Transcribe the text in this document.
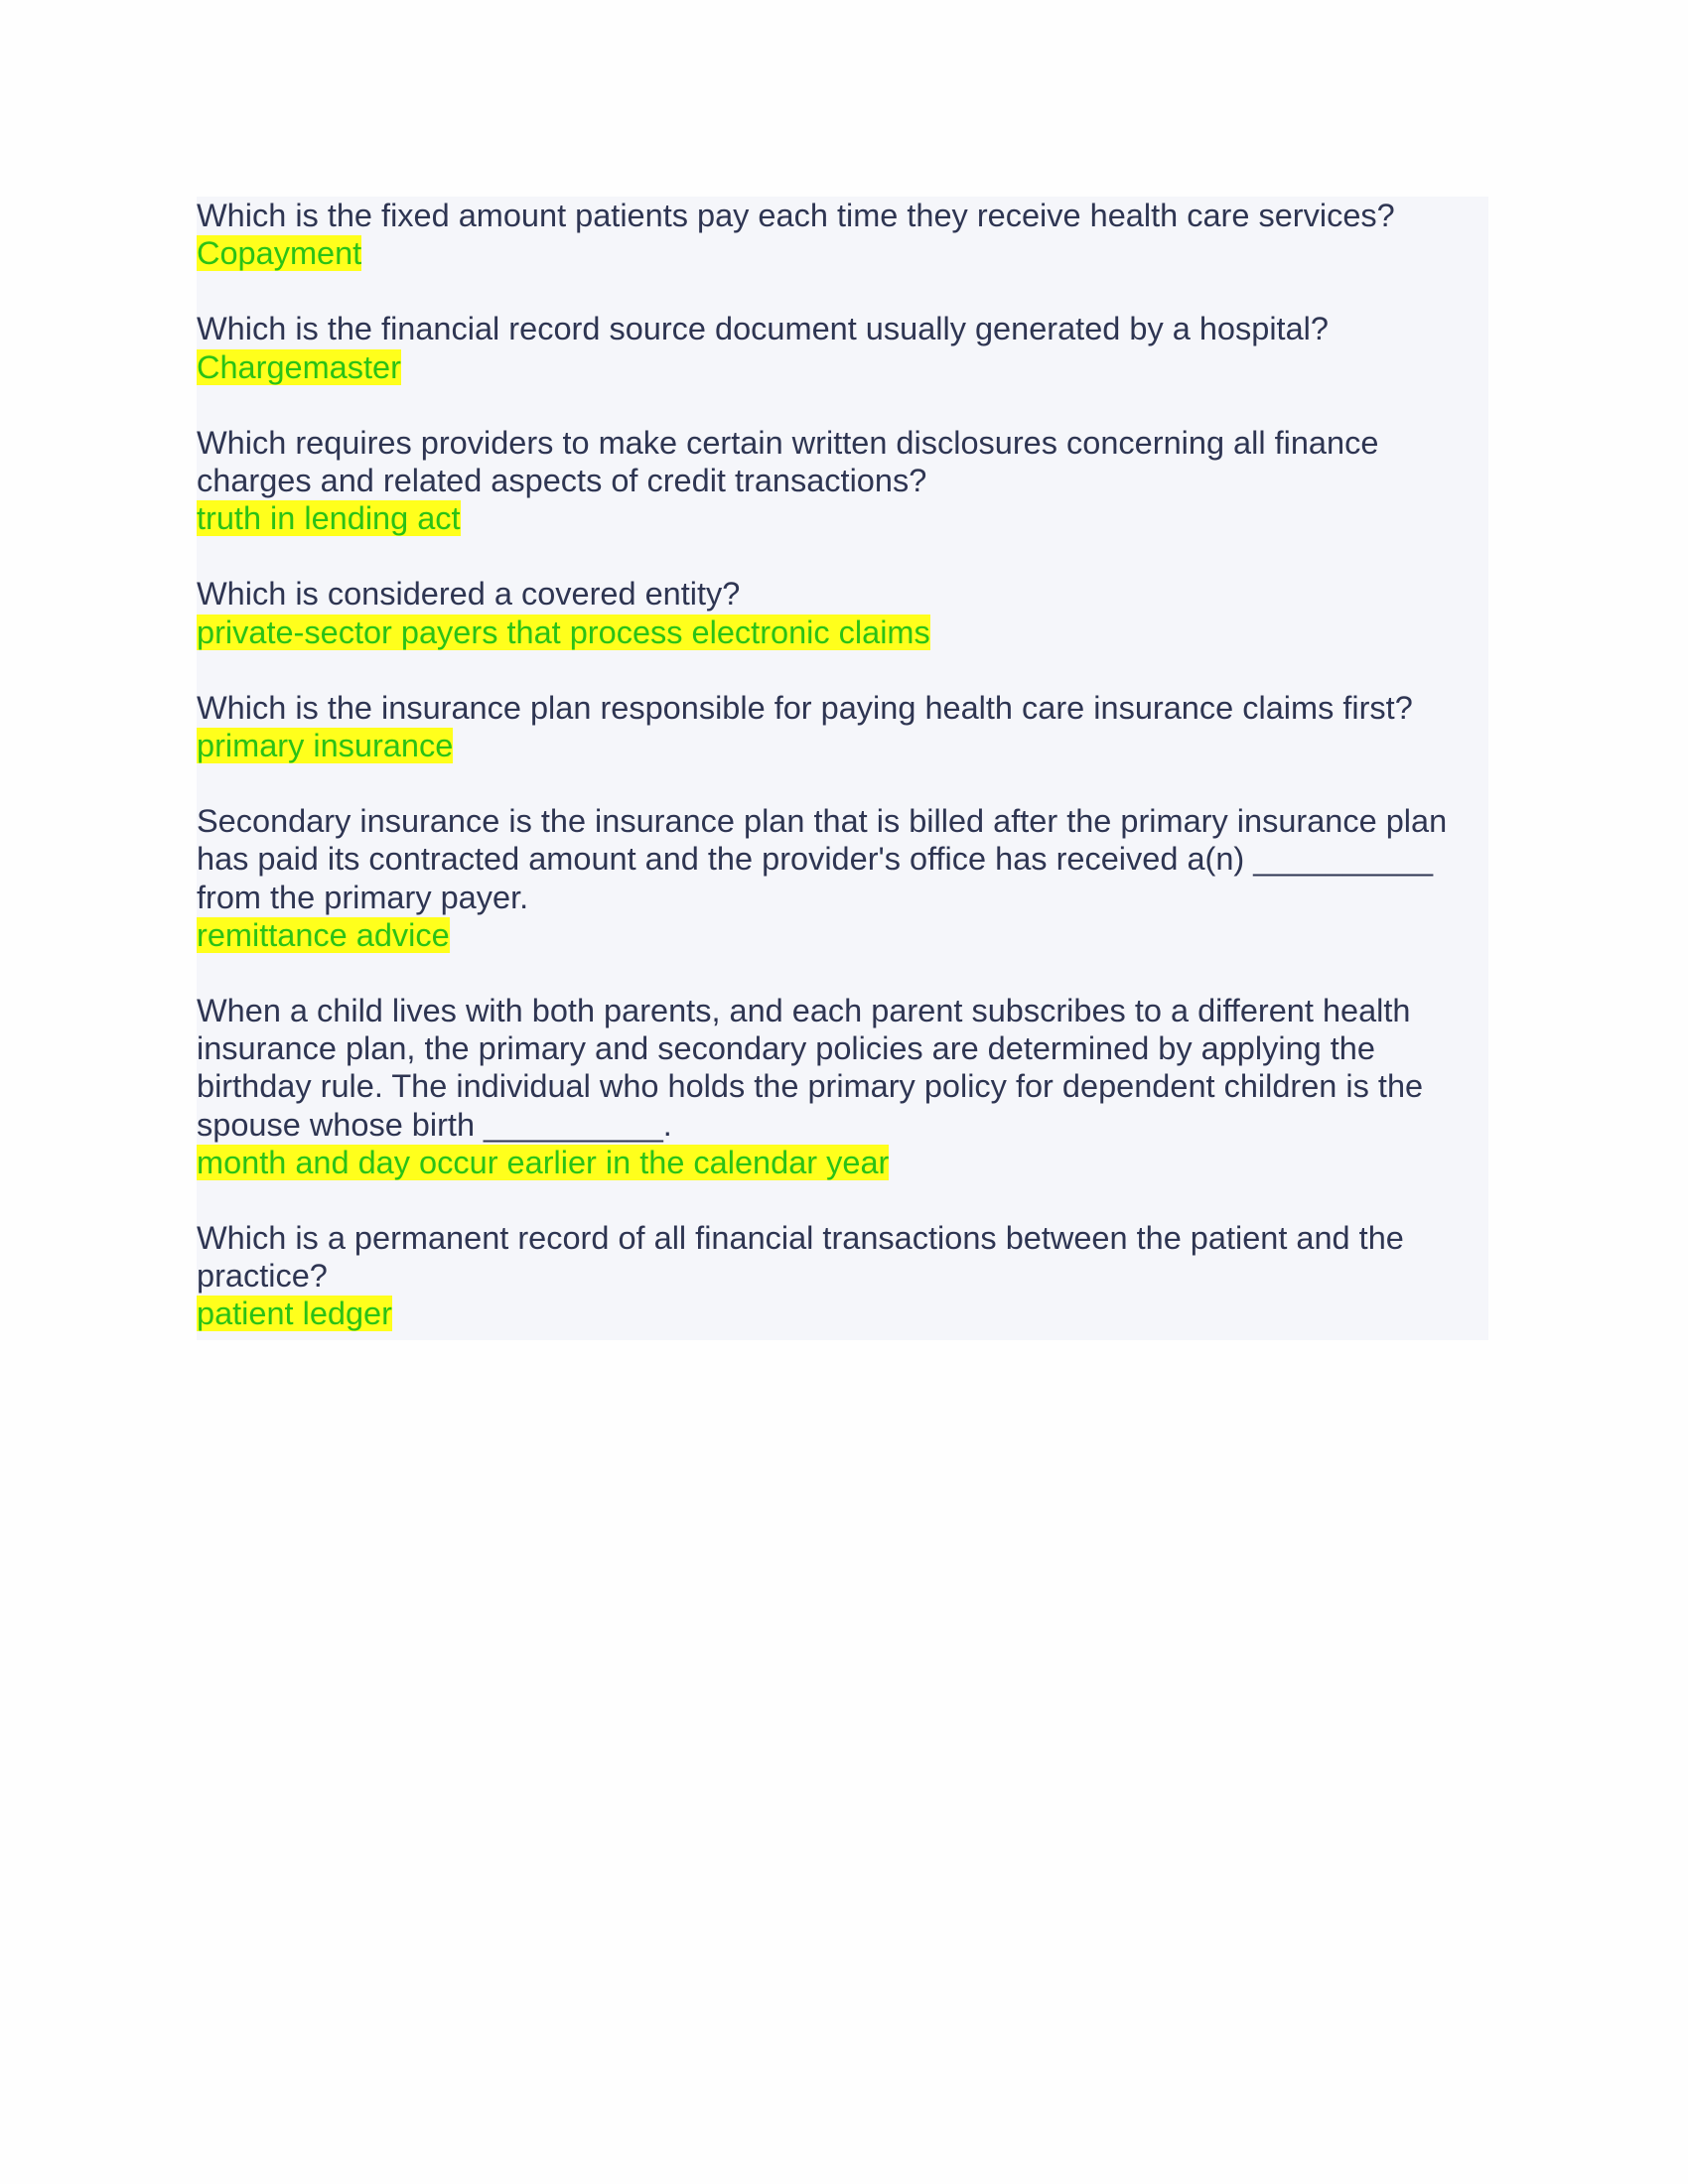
Which is the fixed amount patients pay each time they receive health care services?

Copayment

Which is the financial record source document usually generated by a hospital?

Chargemaster

Which requires providers to make certain written disclosures concerning all finance

charges and related aspects of credit transactions?

truth in lending act

Which is considered a covered entity?

private-sector payers that process electronic claims

Which is the insurance plan responsible for paying health care insurance claims first?

primary insurance

Secondary insurance is the insurance plan that is billed after the primary insurance plan

has paid its contracted amount and the provider's office has received a(n) __________

from the primary payer.

remittance advice

When a child lives with both parents, and each parent subscribes to a different health

insurance plan, the primary and secondary policies are determined by applying the

birthday rule. The individual who holds the primary policy for dependent children is the

spouse whose birth __________.

month and day occur earlier in the calendar year

Which is a permanent record of all financial transactions between the patient and the

practice?

patient ledger
